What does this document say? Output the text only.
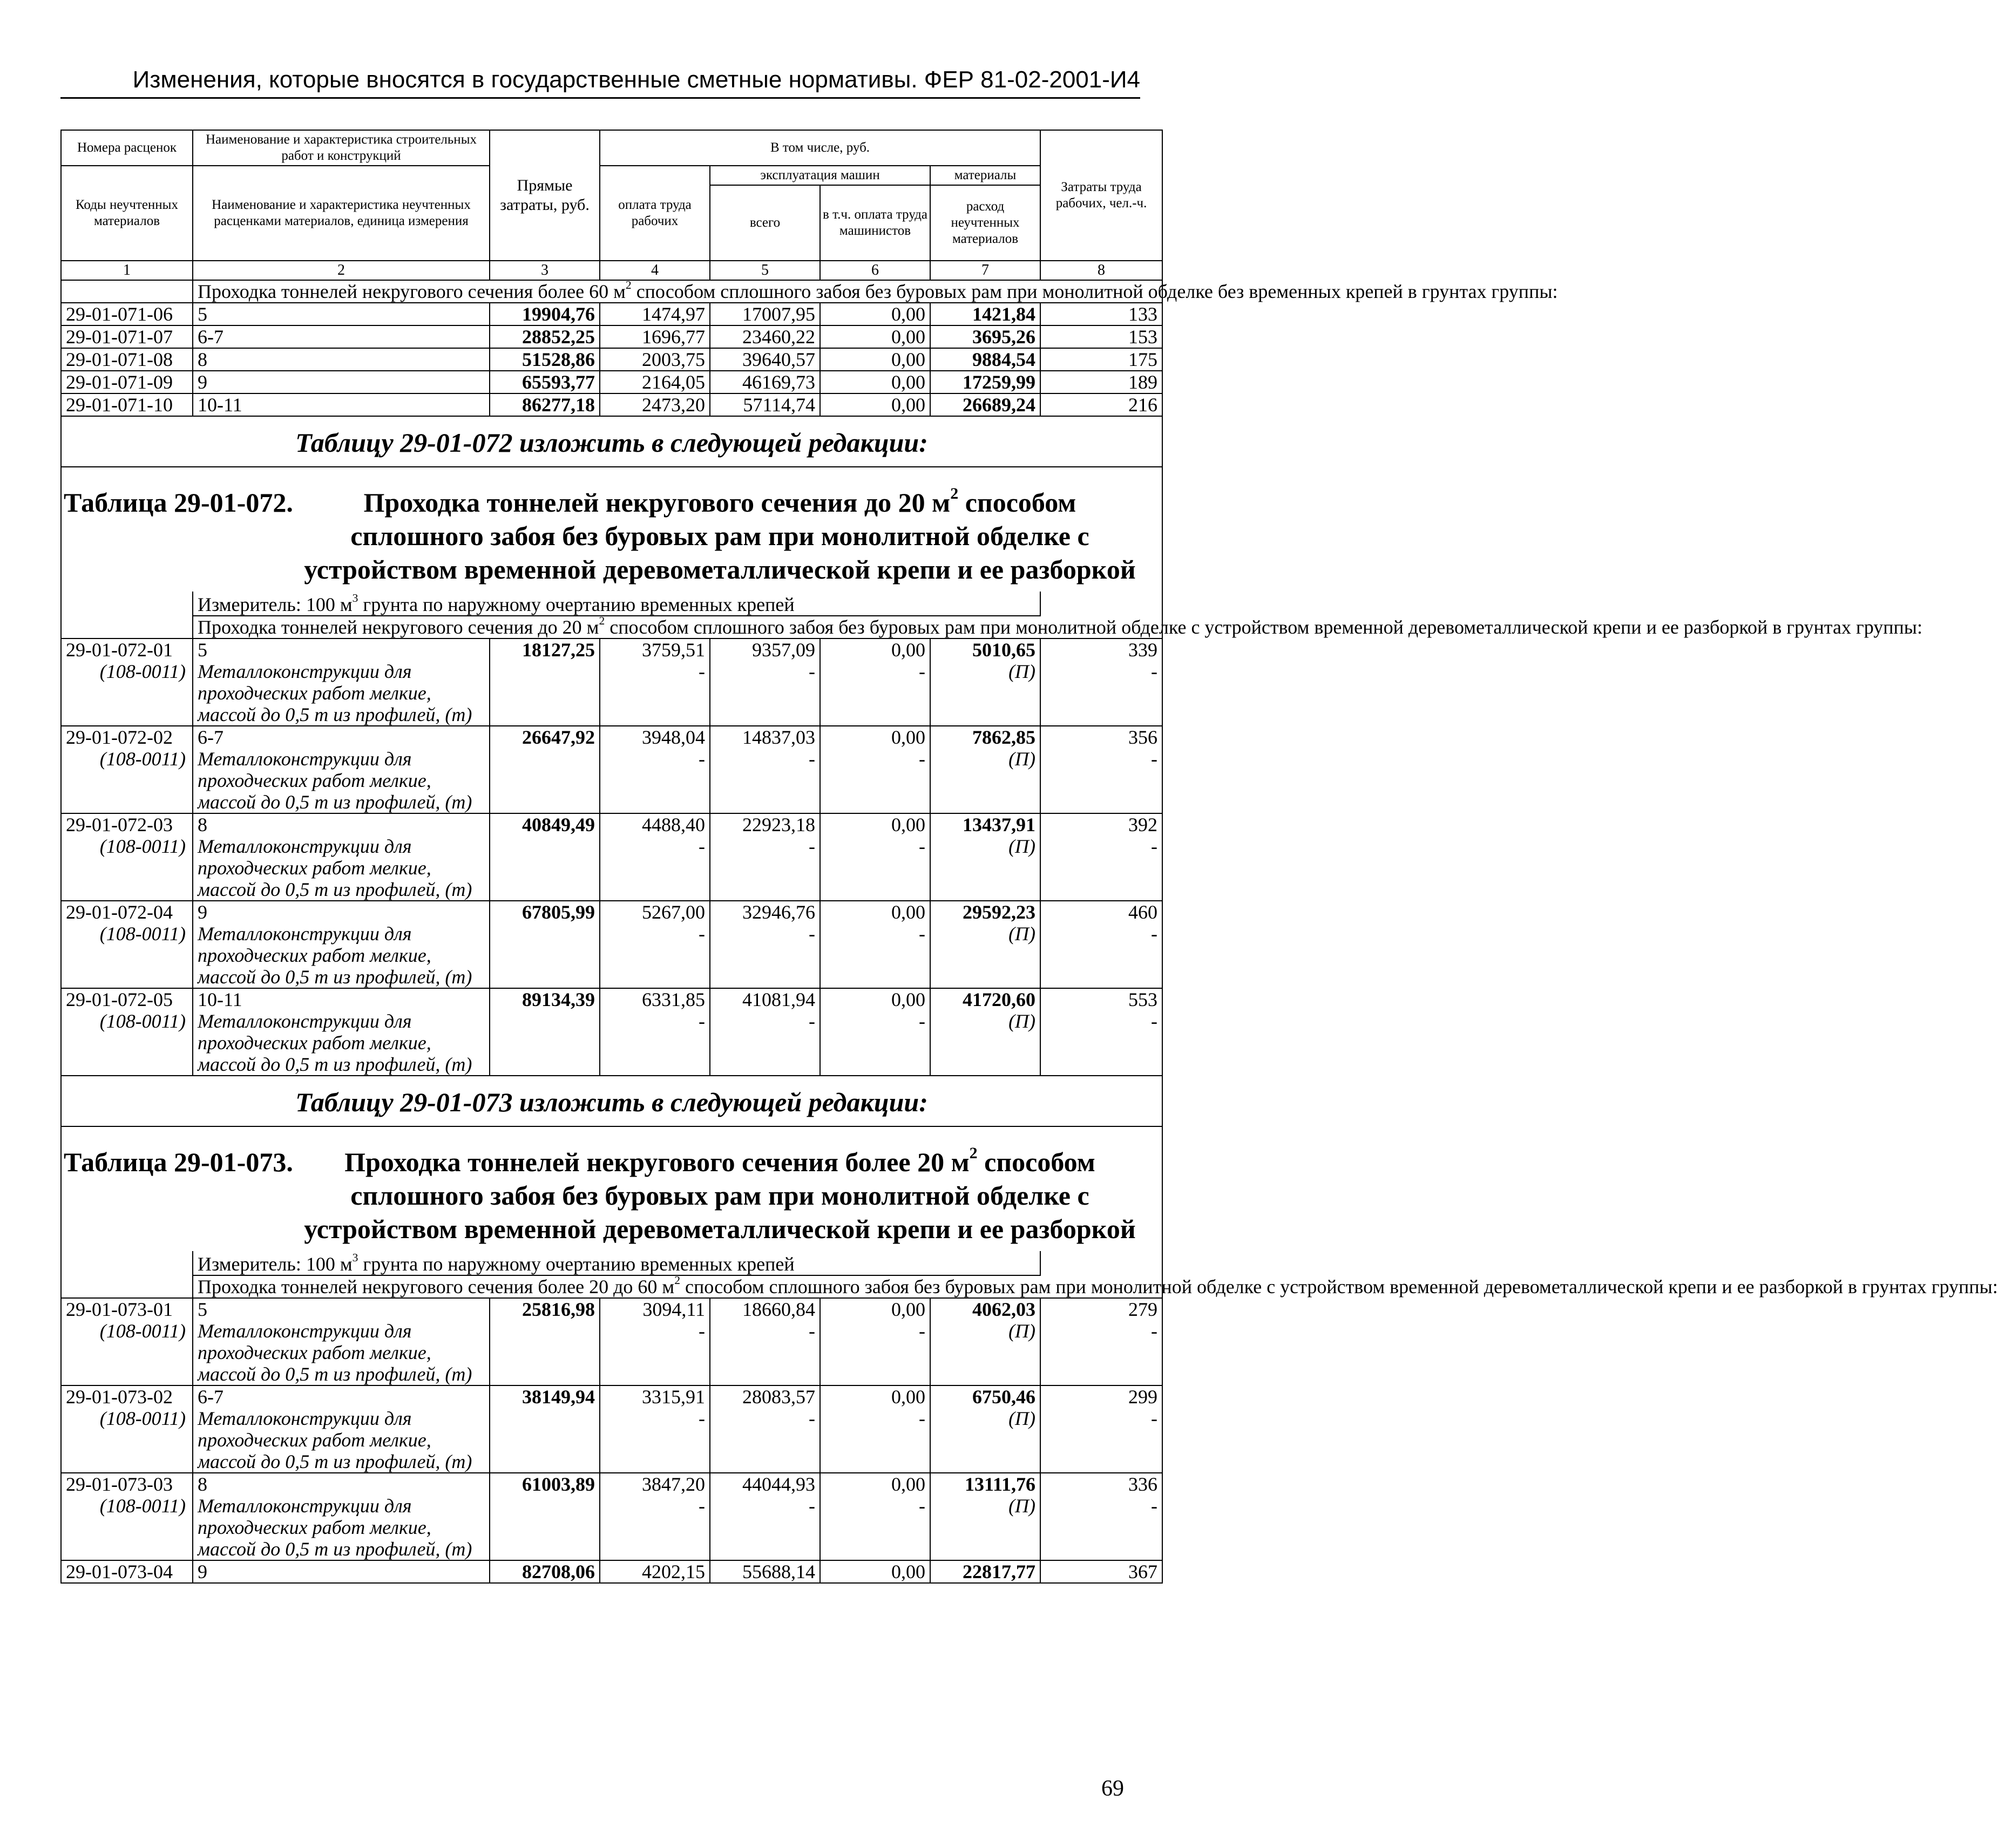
Изменения, которые вносятся в государственные сметные нормативы. ФЕР 81-02-2001-И4
Номера расценок	Наименование и характеристика строительных работ и конструкций	Прямые затраты, руб.	В том числе, руб.				Затраты труда рабочих, чел.-ч.
Коды неучтенных материалов	Наименование и характеристика неучтенных расценками материалов, единица измерения		оплата труда рабочих	эксплуатация машин		материалы	
				всего	в т.ч. оплата труда машинистов	расход неучтенных материалов	
1	2	3	4	5	6	7	8
	Проходка тоннелей некругового сечения более 60 $м^2$ способом сплошного забоя без буровых рам при монолитной обделке без временных крепей в грунтах группы:						
29-01-071-06	5	19904,76	1474,97	17007,95	0,00	1421,84	133
29-01-071-07	6-7	28852,25	1696,77	23460,22	0,00	3695,26	153
29-01-071-08	8	51528,86	2003,75	39640,57	0,00	9884,54	175
29-01-071-09	9	65593,77	2164,05	46169,73	0,00	17259,99	189
29-01-071-10	10-11	86277,18	2473,20	57114,74	0,00	26689,24	216
Таблицу 29-01-072 изложить в следующей редакции:							

Таблица 29-01-072. Проходка тоннелей некругового сечения до 20 $м^2$ способом сплошного забоя без буровых рам при монолитной обделке с устройством временной деревометаллической крепи и ее разборкой							

	Измеритель: 100 $м^3$ грунта по наружному очертанию временных крепей						
	Проходка тоннелей некругового сечения до 20 $м^2$ способом сплошного забоя без буровых рам при монолитной обделке с устройством временной деревометаллической крепи и ее разборкой в грунтах группы:						
29-01-072-01	5	18127,25	3759,51	9357,09	0,00	5010,65	339
(108-0011)	Металлоконструкции для		-	-	-	(П)	-
	проходческих работ мелкие,						
	массой до 0,5 т из профилей, (т)						
29-01-072-02	6-7	26647,92	3948,04	14837,03	0,00	7862,85	356
(108-0011)	Металлоконструкции для		-	-	-	(П)	-
	проходческих работ мелкие,						
	массой до 0,5 т из профилей, (т)						
29-01-072-03	8	40849,49	4488,40	22923,18	0,00	13437,91	392
(108-0011)	Металлоконструкции для		-	-	-	(П)	-
	проходческих работ мелкие,						
	массой до 0,5 т из профилей, (т)						
29-01-072-04	9	67805,99	5267,00	32946,76	0,00	29592,23	460
(108-0011)	Металлоконструкции для		-	-	-	(П)	-
	проходческих работ мелкие,						
	массой до 0,5 т из профилей, (т)						
29-01-072-05	10-11	89134,39	6331,85	41081,94	0,00	41720,60	553
(108-0011)	Металлоконструкции для		-	-	-	(П)	-
	проходческих работ мелкие,						
	массой до 0,5 т из профилей, (т)						
Таблицу 29-01-073 изложить в следующей редакции:							

Таблица 29-01-073. Проходка тоннелей некругового сечения более 20 $м^2$ способом сплошного забоя без буровых рам при монолитной обделке с устройством временной деревометаллической крепи и ее разборкой							

	Измеритель: 100 $м^3$ грунта по наружному очертанию временных крепей						
	Проходка тоннелей некругового сечения более 20 до 60 $м^2$ способом сплошного забоя без буровых рам при монолитной обделке с устройством временной деревометаллической крепи и ее разборкой в грунтах группы:						
29-01-073-01	5	25816,98	3094,11	18660,84	0,00	4062,03	279
(108-0011)	Металлоконструкции для		-	-	-	(П)	-
	проходческих работ мелкие,						
	массой до 0,5 т из профилей, (т)						
29-01-073-02	6-7	38149,94	3315,91	28083,57	0,00	6750,46	299
(108-0011)	Металлоконструкции для		-	-	-	(П)	-
	проходческих работ мелкие,						
	массой до 0,5 т из профилей, (т)						
29-01-073-03	8	61003,89	3847,20	44044,93	0,00	13111,76	336
(108-0011)	Металлоконструкции для		-	-	-	(П)	-
	проходческих работ мелкие,						
	массой до 0,5 т из профилей, (т)						
29-01-073-04	9	82708,06	4202,15	55688,14	0,00	22817,77	367
69
